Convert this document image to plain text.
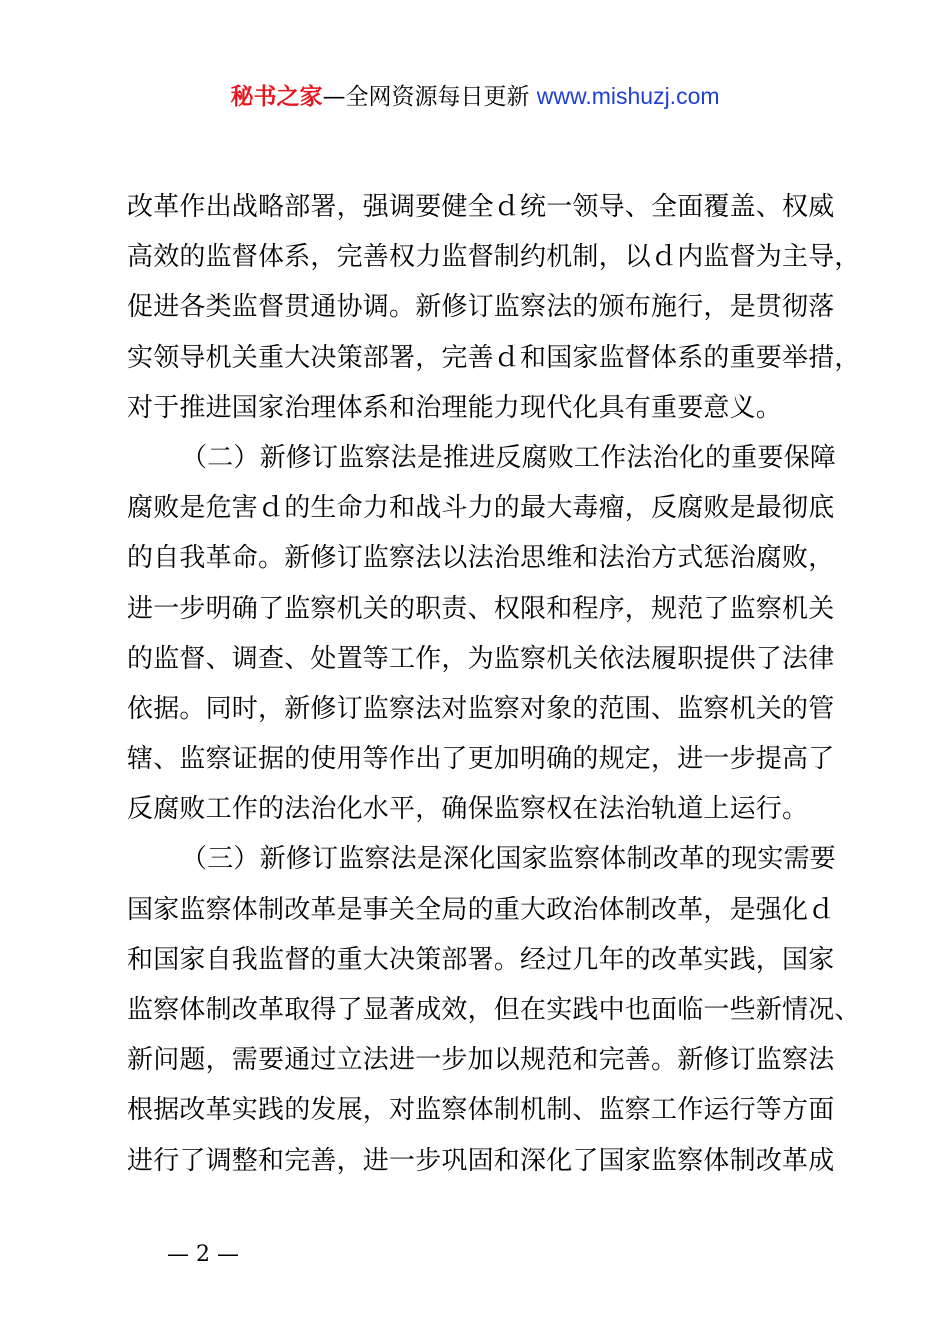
秘书之家—全网资源每日更新 www.mishuzj.com
改革作出战略部署，强调要健全ｄ统一领导、全面覆盖、权威
高效的监督体系，完善权力监督制约机制，以ｄ内监督为主导，
促进各类监督贯通协调。新修订监察法的颁布施行，是贯彻落
实领导机关重大决策部署，完善ｄ和国家监督体系的重要举措，
对于推进国家治理体系和治理能力现代化具有重要意义。
（二）新修订监察法是推进反腐败工作法治化的重要保障
腐败是危害ｄ的生命力和战斗力的最大毒瘤，反腐败是最彻底
的自我革命。新修订监察法以法治思维和法治方式惩治腐败，
进一步明确了监察机关的职责、权限和程序，规范了监察机关
的监督、调查、处置等工作，为监察机关依法履职提供了法律
依据。同时，新修订监察法对监察对象的范围、监察机关的管
辖、监察证据的使用等作出了更加明确的规定，进一步提高了
反腐败工作的法治化水平，确保监察权在法治轨道上运行。
（三）新修订监察法是深化国家监察体制改革的现实需要
国家监察体制改革是事关全局的重大政治体制改革，是强化ｄ
和国家自我监督的重大决策部署。经过几年的改革实践，国家
监察体制改革取得了显著成效，但在实践中也面临一些新情况、
新问题，需要通过立法进一步加以规范和完善。新修订监察法
根据改革实践的发展，对监察体制机制、监察工作运行等方面
进行了调整和完善，进一步巩固和深化了国家监察体制改革成
— 2 —
